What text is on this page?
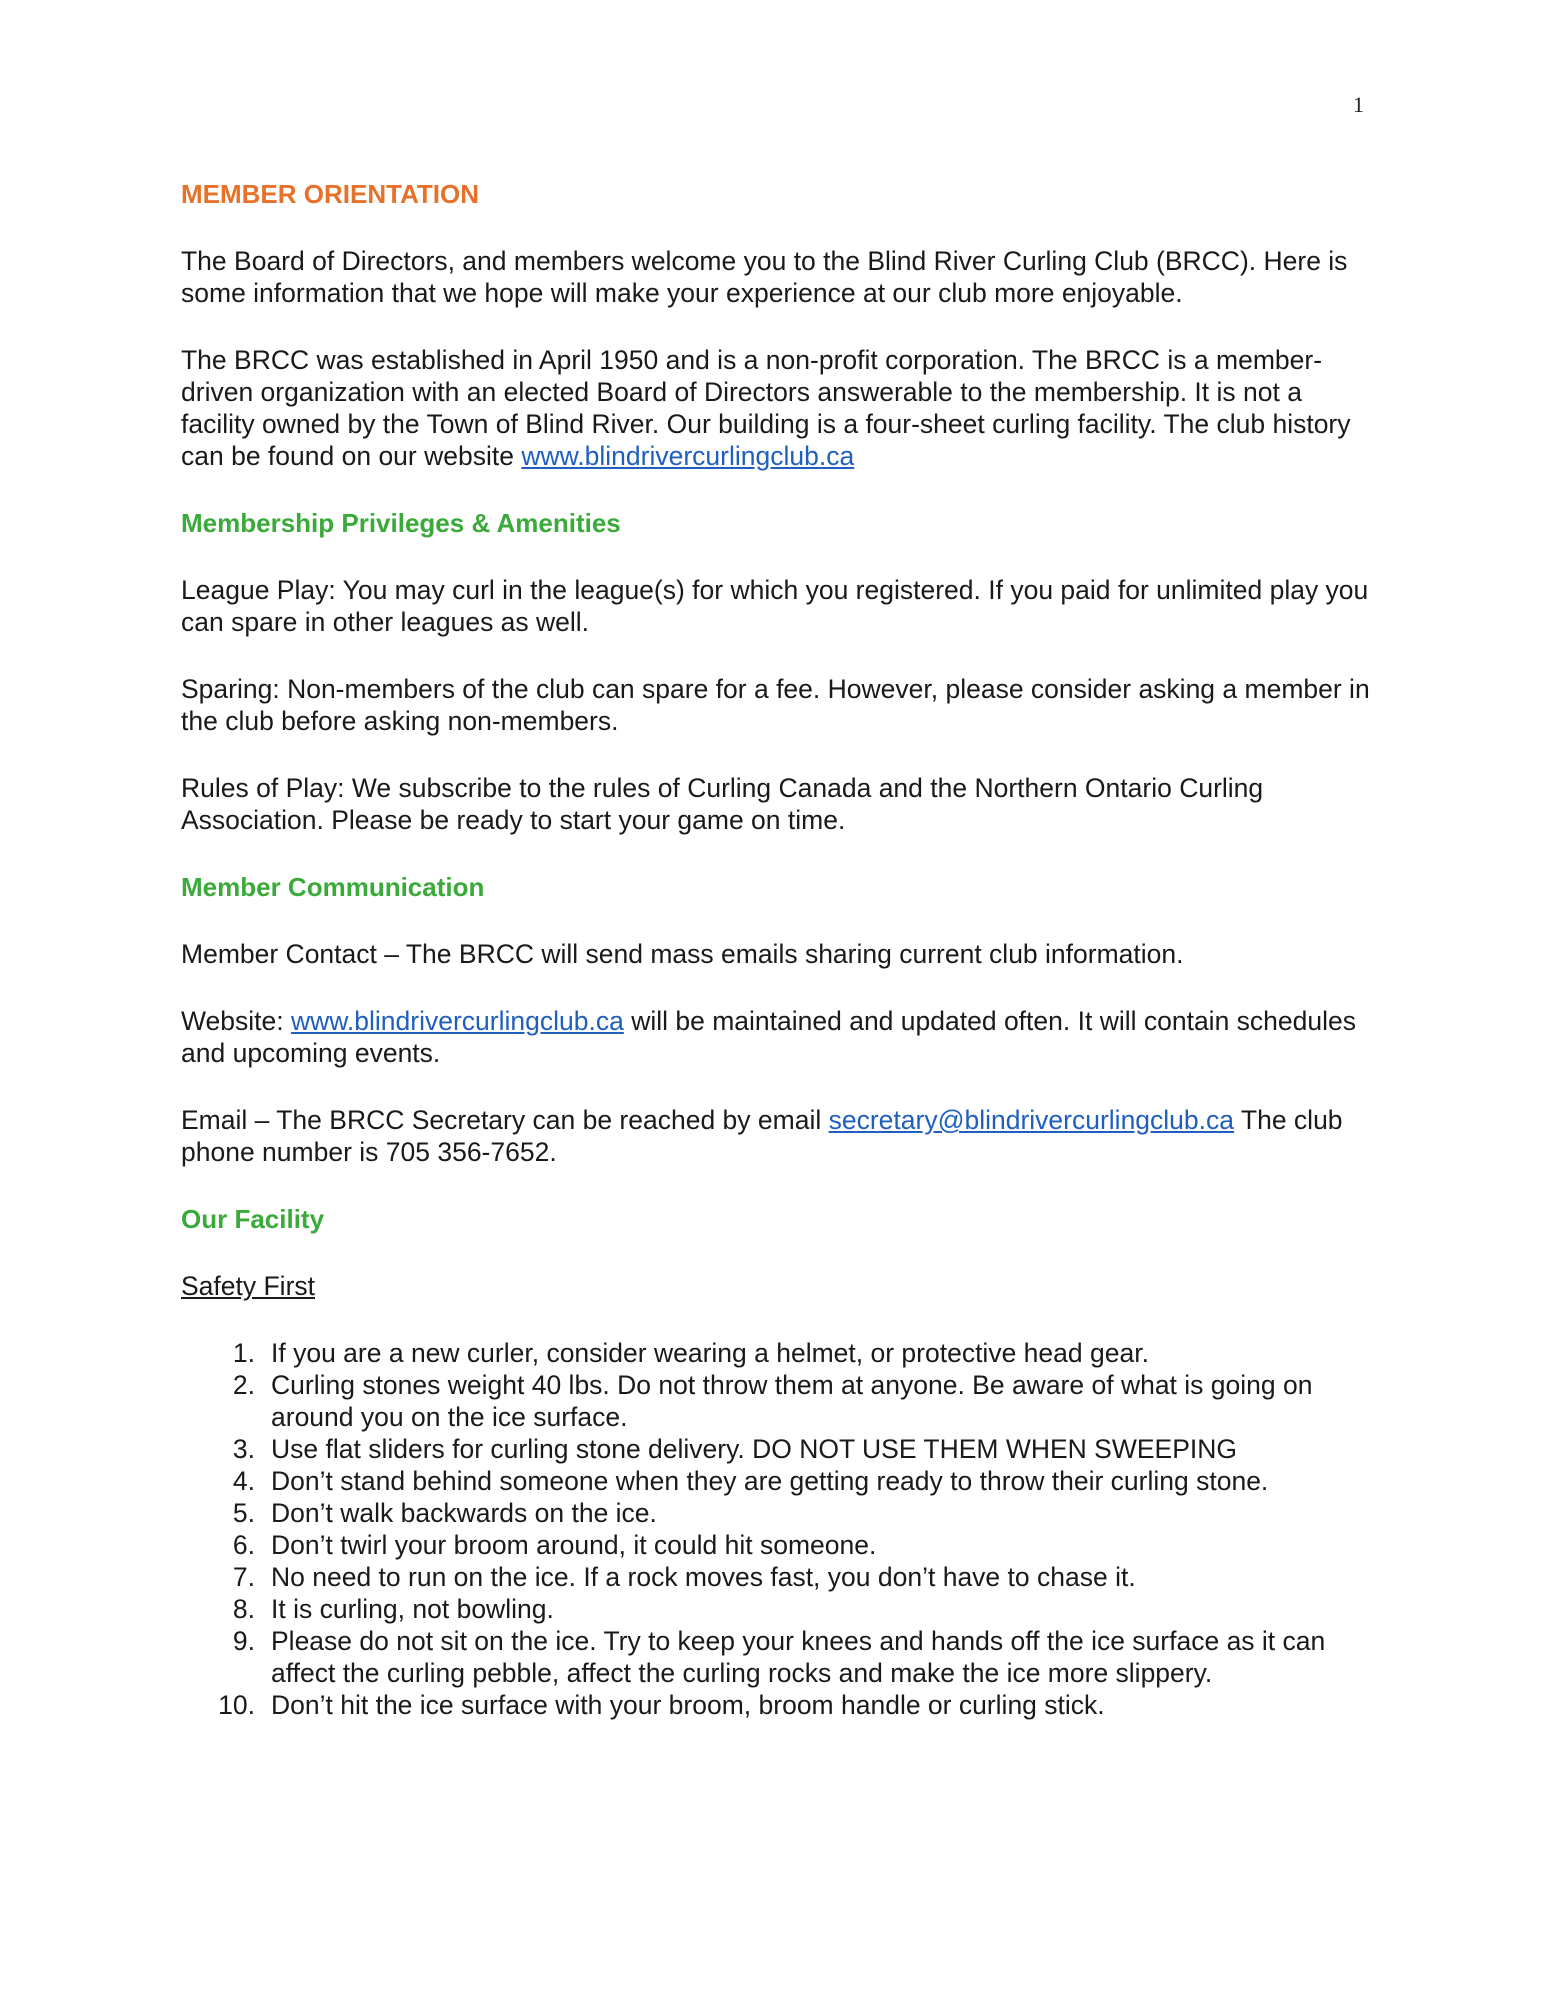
1
MEMBER ORIENTATION

The Board of Directors, and members welcome you to the Blind River Curling Club (BRCC). Here is some information that we hope will make your experience at our club more enjoyable.

The BRCC was established in April 1950 and is a non-profit corporation. The BRCC is a member-driven organization with an elected Board of Directors answerable to the membership. It is not a facility owned by the Town of Blind River. Our building is a four-sheet curling facility. The club history can be found on our website www.blindrivercurlingclub.ca

Membership Privileges & Amenities

League Play: You may curl in the league(s) for which you registered. If you paid for unlimited play you can spare in other leagues as well.

Sparing: Non-members of the club can spare for a fee. However, please consider asking a member in the club before asking non-members.

Rules of Play: We subscribe to the rules of Curling Canada and the Northern Ontario Curling Association. Please be ready to start your game on time.

Member Communication

Member Contact – The BRCC will send mass emails sharing current club information.

Website: www.blindrivercurlingclub.ca will be maintained and updated often. It will contain schedules and upcoming events.

Email – The BRCC Secretary can be reached by email secretary@blindrivercurlingclub.ca The club phone number is 705 356-7652.

Our Facility

Safety First

1. If you are a new curler, consider wearing a helmet, or protective head gear.
2. Curling stones weight 40 lbs. Do not throw them at anyone. Be aware of what is going on around you on the ice surface.
3. Use flat sliders for curling stone delivery. DO NOT USE THEM WHEN SWEEPING
4. Don’t stand behind someone when they are getting ready to throw their curling stone.
5. Don’t walk backwards on the ice.
6. Don’t twirl your broom around, it could hit someone.
7. No need to run on the ice. If a rock moves fast, you don’t have to chase it.
8. It is curling, not bowling.
9. Please do not sit on the ice. Try to keep your knees and hands off the ice surface as it can affect the curling pebble, affect the curling rocks and make the ice more slippery.
10. Don’t hit the ice surface with your broom, broom handle or curling stick.
